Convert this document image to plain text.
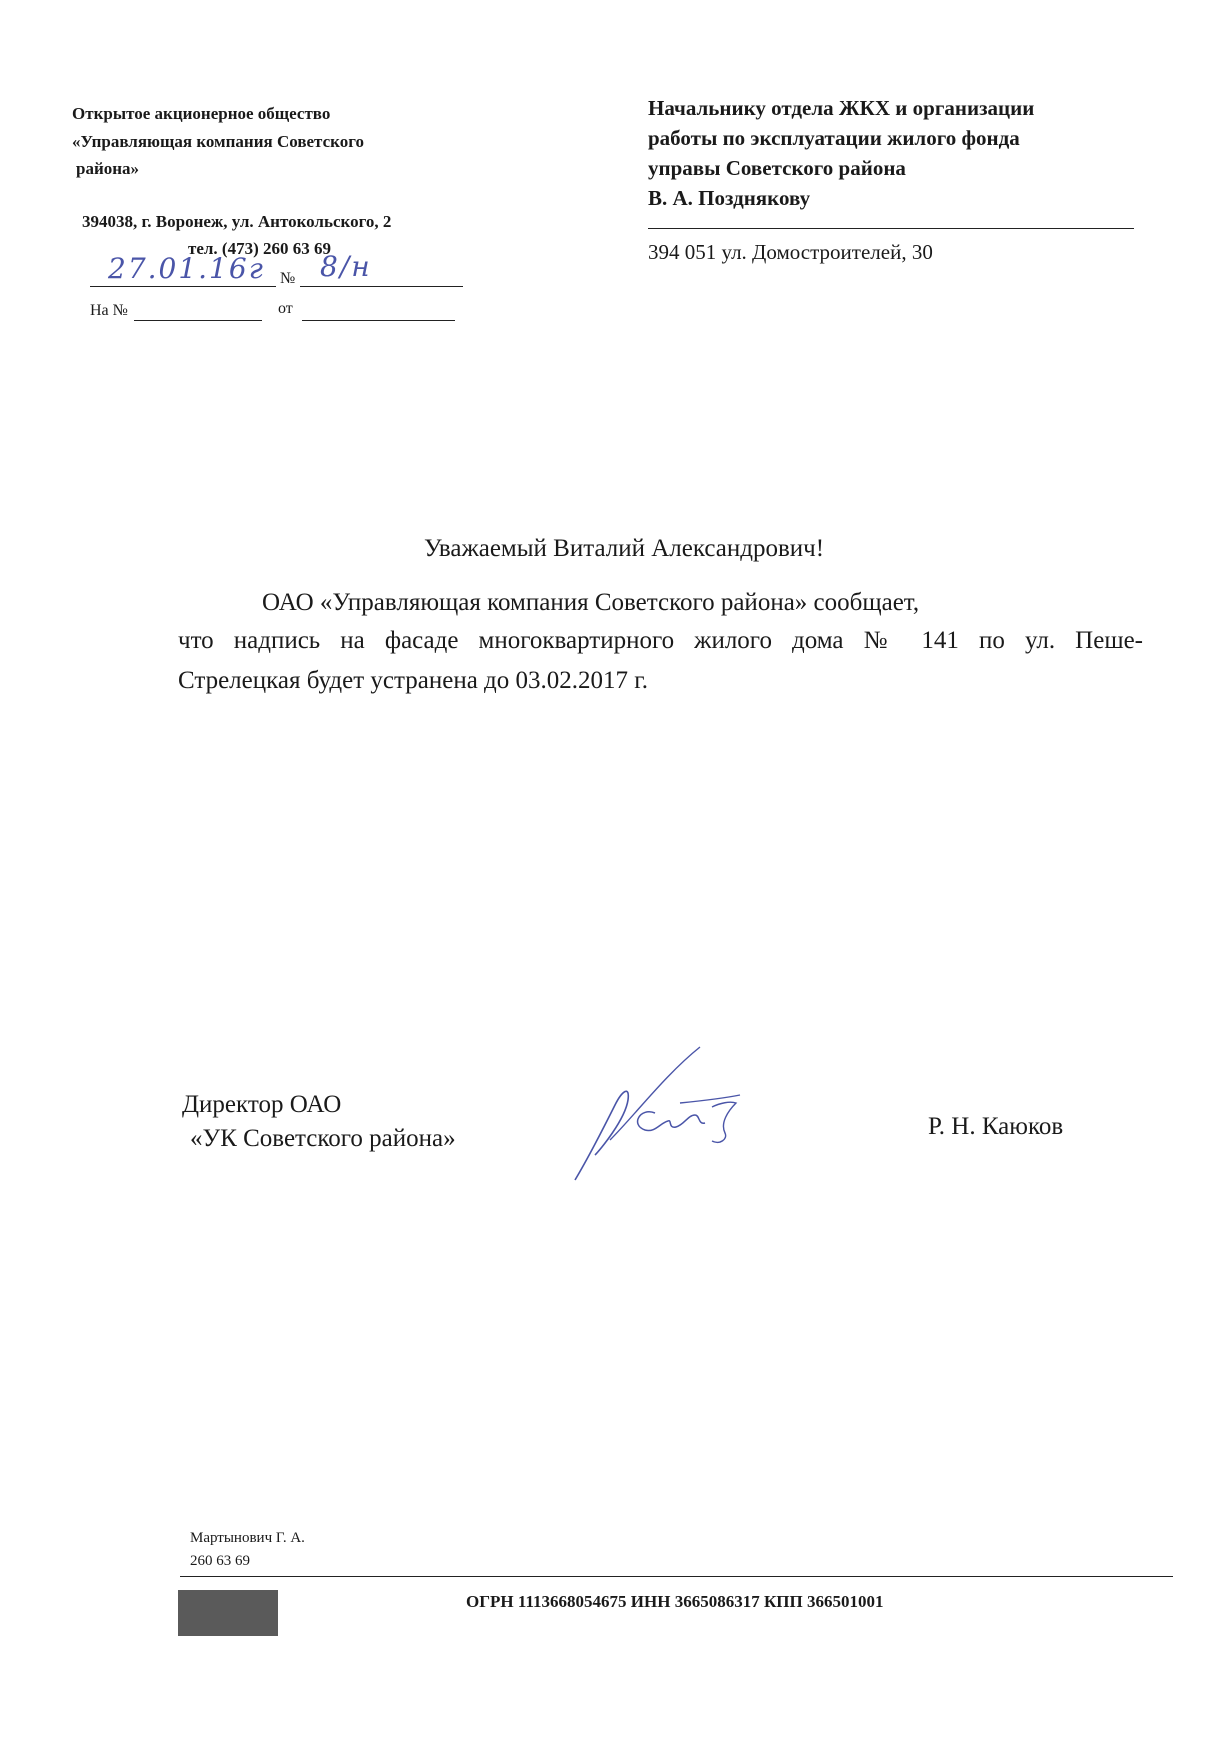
Открытое акционерное общество
«Управляющая компания Советского
района»
394038, г. Воронеж, ул. Антокольского, 2
тел. (473) 260 63 69
27.01.16г № 8/н
На №	от
Начальнику отдела ЖКХ и организации
работы по эксплуатации жилого фонда
управы Советского района
В. А. Позднякову
394 051 ул. Домостроителей, 30
Уважаемый Виталий Александрович!
ОАО «Управляющая компания Советского района» сообщает,
что надпись на фасаде многоквартирного жилого дома № 141 по ул. Пеше-
Стрелецкая будет устранена до 03.02.2017 г.
Директор ОАО
«УК Советского района»	Р. Н. Каюков
Мартынович Г. А.
260 63 69
ОГРН 1113668054675 ИНН 3665086317 КПП 366501001
